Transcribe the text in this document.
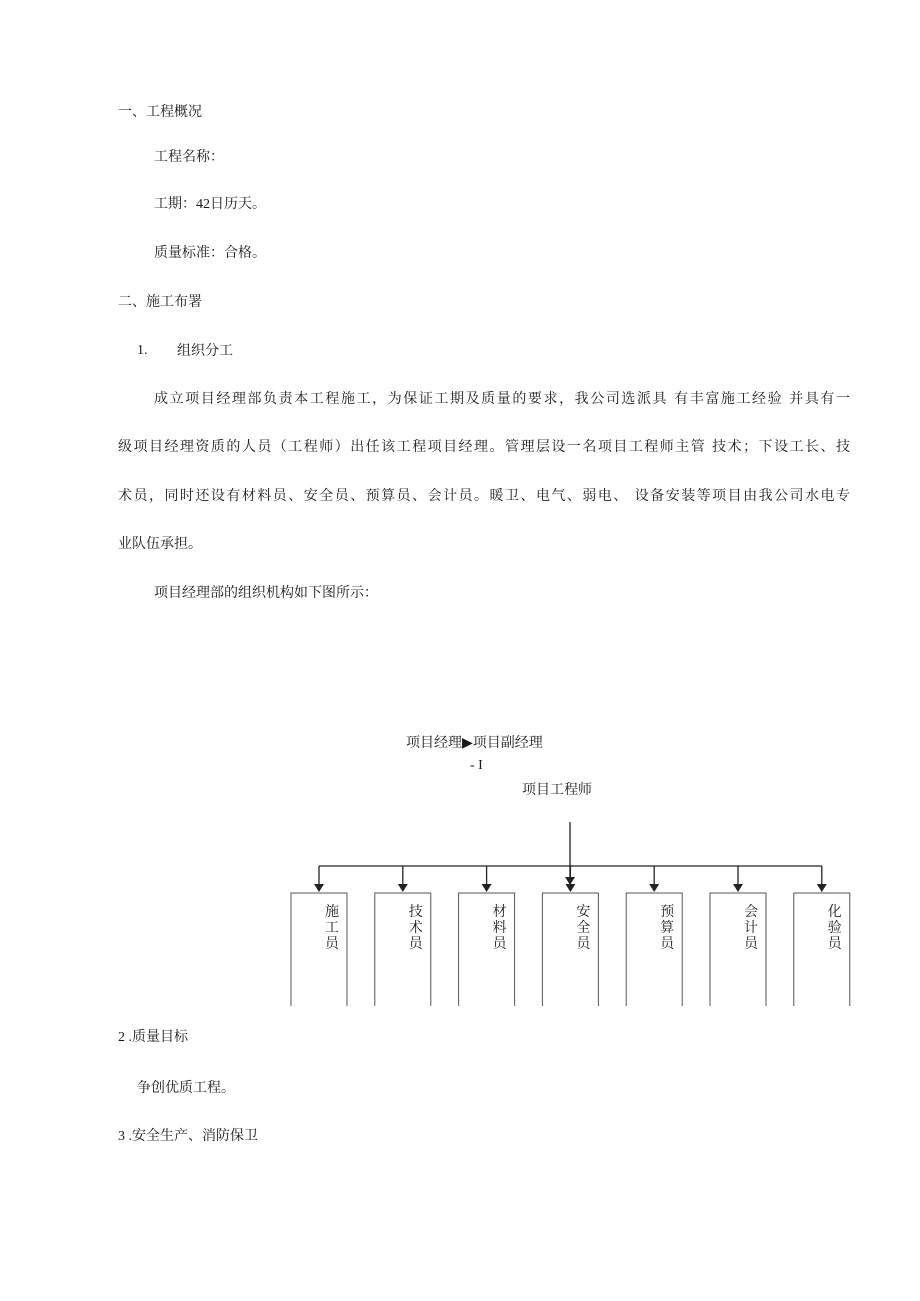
一、工程概况
工程名称：
工期：42日历天。
质量标准：合格。
二、施工布署
1. 组织分工
成立项目经理部负责本工程施工，为保证工期及质量的要求，我公司选派具 有丰富施工经验 并具有一
级项目经理资质的人员（工程师）出任该工程项目经理。管理层设一名项目工程师主管 技术；下设工长、技
术员，同时还设有材料员、安全员、预算员、会计员。暖卫、电气、弱电、 设备安装等项目由我公司水电专
业队伍承担。
项目经理部的组织机构如下图所示：
项目经理▶项目副经理
- I
项目工程师
施工员
技术员
材料员
安全员
预算员
会计员
化验员
2 .质量目标
争创优质工程。
3 .安全生产、消防保卫
